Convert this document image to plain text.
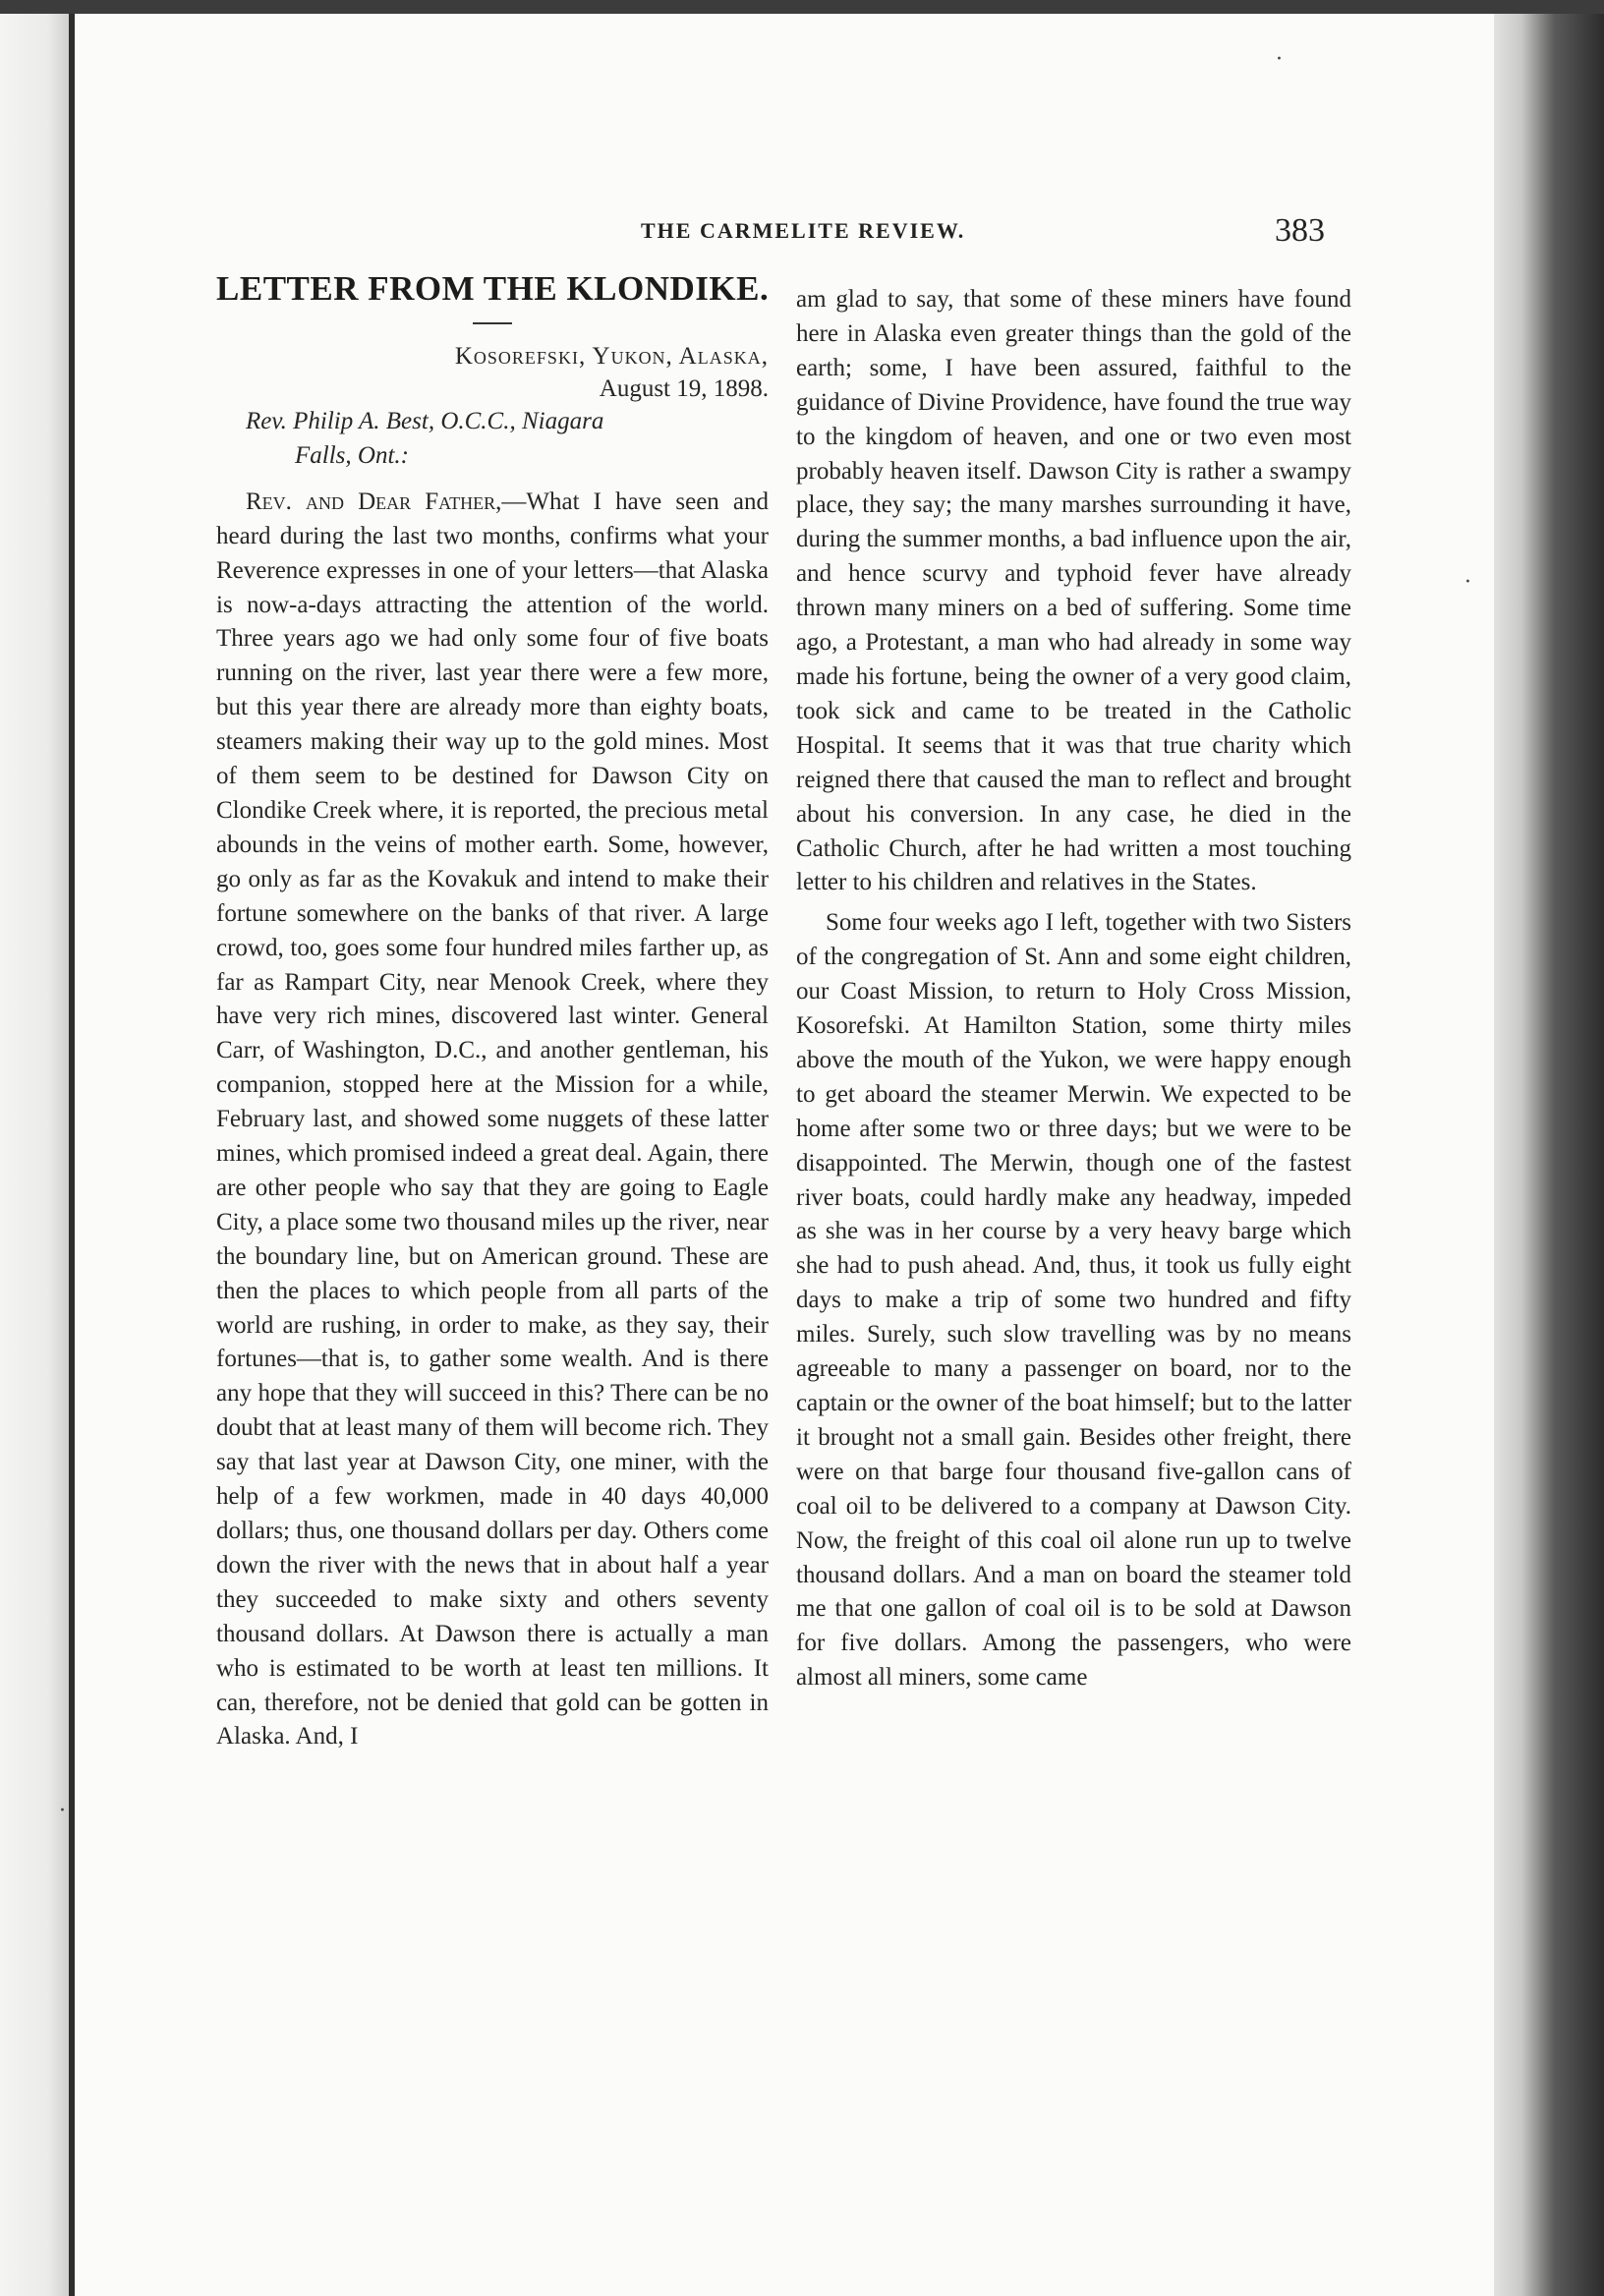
·
·
·
THE CARMELITE REVIEW.	383
LETTER FROM THE KLONDIKE.
Kosorefski, Yukon, Alaska,
August 19, 1898.

Rev. Philip A. Best, O.C.C., Niagara
Falls, Ont.:

Rev. and Dear Father,—What I have seen and heard during the last two months, confirms what your Reverence expresses in one of your letters—that Alaska is now-a-days attracting the attention of the world. Three years ago we had only some four of five boats running on the river, last year there were a few more, but this year there are already more than eighty boats, steamers making their way up to the gold mines. Most of them seem to be destined for Dawson City on Clondike Creek where, it is reported, the precious metal abounds in the veins of mother earth. Some, however, go only as far as the Kovakuk and intend to make their fortune somewhere on the banks of that river. A large crowd, too, goes some four hundred miles farther up, as far as Rampart City, near Menook Creek, where they have very rich mines, discovered last winter. General Carr, of Washington, D.C., and another gentleman, his companion, stopped here at the Mission for a while, February last, and showed some nuggets of these latter mines, which promised indeed a great deal. Again, there are other people who say that they are going to Eagle City, a place some two thousand miles up the river, near the boundary line, but on American ground. These are then the places to which people from all parts of the world are rushing, in order to make, as they say, their fortunes—that is, to gather some wealth. And is there any hope that they will succeed in this? There can be no doubt that at least many of them will become rich. They say that last year at Dawson City, one miner, with the help of a few workmen, made in 40 days 40,000 dollars; thus, one thousand dollars per day. Others come down the river with the news that in about half a year they succeeded to make sixty and others seventy thousand dollars. At Dawson there is actually a man who is estimated to be worth at least ten millions. It can, therefore, not be denied that gold can be gotten in Alaska. And, I

am glad to say, that some of these miners have found here in Alaska even greater things than the gold of the earth; some, I have been assured, faithful to the guidance of Divine Providence, have found the true way to the kingdom of heaven, and one or two even most probably heaven itself. Dawson City is rather a swampy place, they say; the many marshes surrounding it have, during the summer months, a bad influence upon the air, and hence scurvy and typhoid fever have already thrown many miners on a bed of suffering. Some time ago, a Protestant, a man who had already in some way made his fortune, being the owner of a very good claim, took sick and came to be treated in the Catholic Hospital. It seems that it was that true charity which reigned there that caused the man to reflect and brought about his conversion. In any case, he died in the Catholic Church, after he had written a most touching letter to his children and relatives in the States.

Some four weeks ago I left, together with two Sisters of the congregation of St. Ann and some eight children, our Coast Mission, to return to Holy Cross Mission, Kosorefski. At Hamilton Station, some thirty miles above the mouth of the Yukon, we were happy enough to get aboard the steamer Merwin. We expected to be home after some two or three days; but we were to be disappointed. The Merwin, though one of the fastest river boats, could hardly make any headway, impeded as she was in her course by a very heavy barge which she had to push ahead. And, thus, it took us fully eight days to make a trip of some two hundred and fifty miles. Surely, such slow travelling was by no means agreeable to many a passenger on board, nor to the captain or the owner of the boat himself; but to the latter it brought not a small gain. Besides other freight, there were on that barge four thousand five-gallon cans of coal oil to be delivered to a company at Dawson City. Now, the freight of this coal oil alone run up to twelve thousand dollars. And a man on board the steamer told me that one gallon of coal oil is to be sold at Dawson for five dollars. Among the passengers, who were almost all miners, some came
